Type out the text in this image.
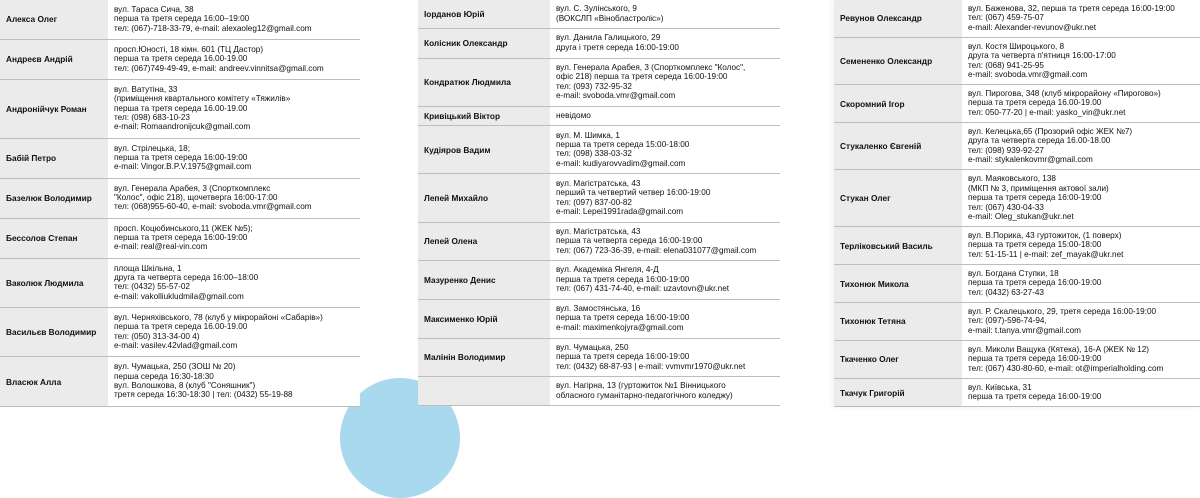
Алекса Олег
вул. Тараса Сича, 38
перша та третя середа 16:00–19:00
тел: (067)-718-33-79, e-mail: alexaoleg12@gmail.com
Андреєв Андрій
просп.Юності, 18 кімн. 601 (ТЦ Дастор)
перша та третя середа 16.00-19.00
тел: (067)749-49-49, e-mail: andreev.vinnitsa@gmail.com
Андронійчук Роман
вул. Ватутіна, 33
(приміщення квартального комітету «Тяжилів»
перша та третя середа 16.00-19.00
тел: (098) 683-10-23
e-mail: Romaandronijcuk@gmail.com
Бабій Петро
вул. Стрілецька, 18;
перша та третя середа 16:00-19:00
e-mail: Vingor.B.P.V.1975@gmail.com
Базелюк Володимир
вул. Генерала Арабея, 3 (Спорткомплекс
"Колос", офіс 218), щочетверга 16:00-17:00
тел: (068)955-60-40, e-mail: svoboda.vmr@gmail.com
Бессолов Степан
просп. Коцюбинського,11 (ЖЕК №5);
перша та третя середа 16:00-19:00
e-mail: real@real-vin.com
Ваколюк Людмила
площа Шкільна, 1
друга та четверта середа 16:00–18:00
тел: (0432) 55-57-02
e-mail: vakolliukludmila@gmail.com
Васильєв Володимир
вул. Черняхівського, 78 (клуб у мікрорайоні «Сабарів»)
перша та третя середа 16.00-19.00
тел: (050) 313-34-00 4)
e-mail: vasilev.42vlad@gmail.com
Власюк Алла
вул. Чумацька, 250 (ЗОШ № 20)
перша середа 16:30-18:30
вул. Волошкова, 8 (клуб "Соняшник")
третя середа 16:30-18:30 | тел: (0432) 55-19-88
Іорданов Юрій
вул. С. Зулінського, 9
(ВОКСЛП «Вінобластроліс»)
Колісник Олександр
вул. Данила Галицького, 29
друга і третя середа 16:00-19:00
Кондратюк Людмила
вул. Генерала Арабея, 3 (Спорткомплекс "Колос",
офіс 218) перша та третя середа 16:00-19:00
тел: (093) 732-95-32
e-mail: svoboda.vmr@gmail.com
Кривіцький Віктор	невідомо
Кудіяров Вадим
вул. М. Шимка, 1
перша та третя середа 15:00-18:00
тел: (098) 338-03-32
e-mail: kudiyarovvadim@gmail.com
Лепей Михайло
вул. Магістратська, 43
перший та четвертий четвер 16:00-19:00
тел: (097) 837-00-82
e-mail: Lepei1991rada@gmail.com
Лепей Олена
вул. Магістратська, 43
перша та четверта середа 16:00-19:00
тел: (067) 723-36-39, e-mail: elena031077@gmail.com
Мазуренко Денис
вул. Академіка Янгеля, 4-Д
перша та третя середа 16:00-19:00
тел: (067) 431-74-40, e-mail: uzavtovn@ukr.net
Максименко Юрій
вул. Замостянська, 16
перша та третя середа 16:00-19:00
e-mail: maximenkojyra@gmail.com
Малінін Володимир
вул. Чумацька, 250
перша та третя середа 16:00-19:00
тел: (0432) 68-87-93 | e-mail: vvmvmr1970@ukr.net
вул. Нагірна, 13 (гуртожиток №1 Вінницького
обласного гуманітарно-педагогічного коледжу)
Ревунов Олександр
вул. Баженова, 32, перша та третя середа 16:00-19:00
тел: (067) 459-75-07
e-mail: Alexander-revunov@ukr.net
Семененко Олександр
вул. Костя Широцького, 8
друга та четверта п'ятниця 16:00-17:00
тел: (068) 941-25-95
e-mail: svoboda.vmr@gmail.com
Скоромний Ігор
вул. Пирогова, 348 (клуб мікрорайону «Пирогово»)
перша та третя середа 16.00-19.00
тел: 050-77-20 | e-mail: yasko_vin@ukr.net
Стукаленко Євгеній
вул. Келецька,65 (Прозорий офіс ЖЕК №7)
друга та четверта середа 16.00-18.00
тел: (098) 939-92-27
e-mail: stykalenkovmr@gmail.com
Стукан Олег
вул. Маяковського, 138
(МКП № 3, приміщення актової зали)
перша та третя середа 16:00-19:00
тел: (067) 430-04-33
e-mail: Oleg_stukan@ukr.net
Терліковський Василь
вул. В.Порика, 43 гуртожиток, (1 поверх)
перша та третя середа 15:00-18:00
тел: 51-15-11 | e-mail: zef_mayak@ukr.net
Тихонюк Микола
вул. Богдана Ступки, 18
перша та третя середа 16:00-19:00
тел: (0432) 63-27-43
Тихонюк Тетяна
вул. Р. Скалецького, 29, третя середа 16:00-19:00
тел: (097)-596-74-94,
e-mail: t.tanya.vmr@gmail.com
Ткаченко Олег
вул. Миколи Ващука (Кятека), 16-А (ЖЕК № 12)
перша та третя середа 16:00-19:00
тел: (067) 430-80-60, e-mail: ot@imperialholding.com
Ткачук Григорій
вул. Київська, 31
перша та третя середа 16:00-19:00
